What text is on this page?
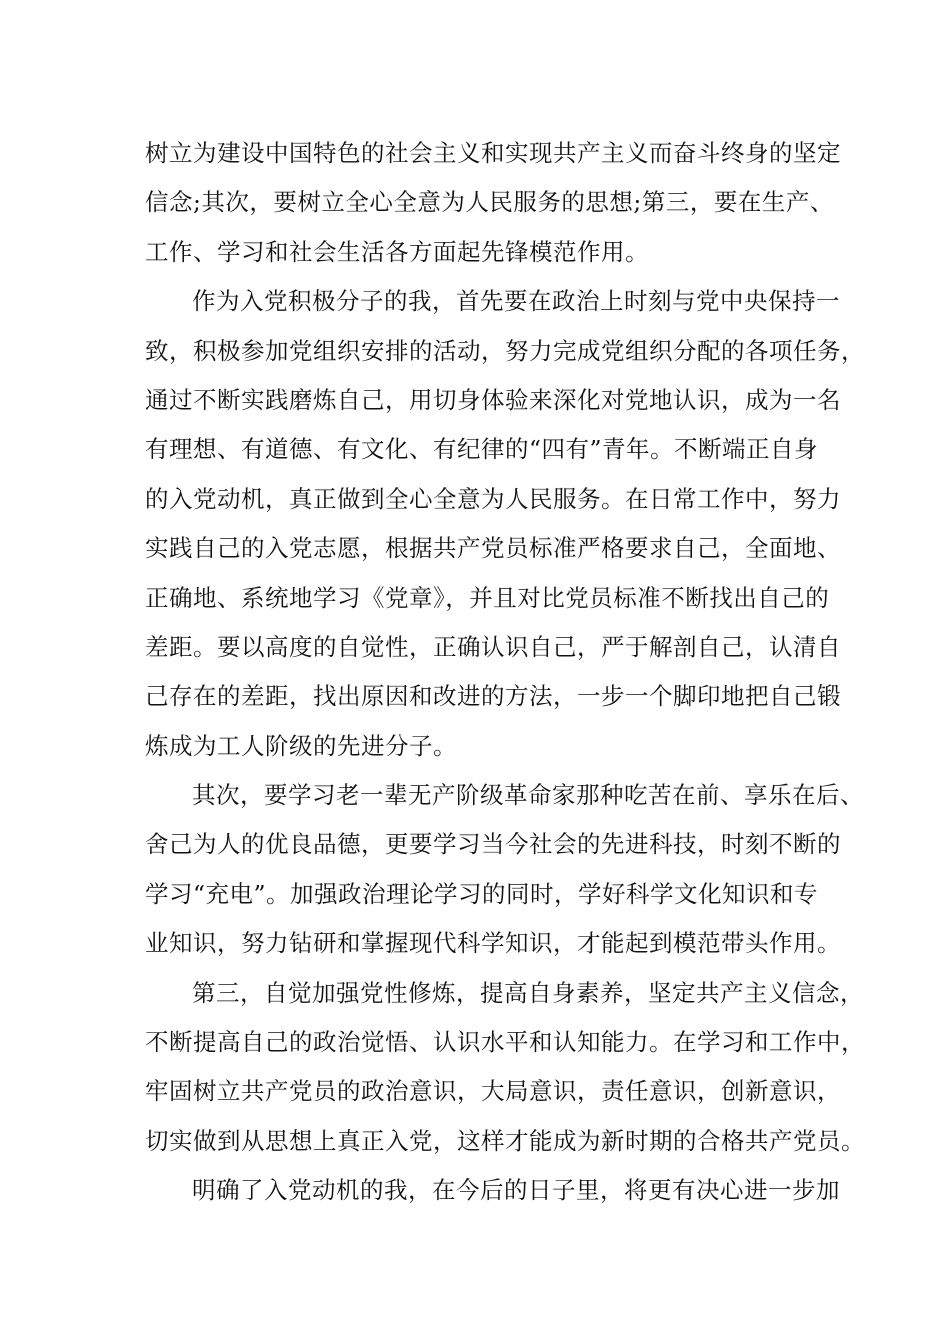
树立为建设中国特色的社会主义和实现共产主义而奋斗终身的坚定
信念;其次，要树立全心全意为人民服务的思想;第三，要在生产、
工作、学习和社会生活各方面起先锋模范作用。
作为入党积极分子的我，首先要在政治上时刻与党中央保持一
致，积极参加党组织安排的活动，努力完成党组织分配的各项任务，
通过不断实践磨炼自己，用切身体验来深化对党地认识，成为一名
有理想、有道德、有文化、有纪律的“四有”青年。不断端正自身
的入党动机，真正做到全心全意为人民服务。在日常工作中，努力
实践自己的入党志愿，根据共产党员标准严格要求自己，全面地、
正确地、系统地学习《党章》，并且对比党员标准不断找出自己的
差距。要以高度的自觉性，正确认识自己，严于解剖自己，认清自
己存在的差距，找出原因和改进的方法，一步一个脚印地把自己锻
炼成为工人阶级的先进分子。
其次，要学习老一辈无产阶级革命家那种吃苦在前、享乐在后、
舍己为人的优良品德，更要学习当今社会的先进科技，时刻不断的
学习“充电”。加强政治理论学习的同时，学好科学文化知识和专
业知识，努力钻研和掌握现代科学知识，才能起到模范带头作用。
第三，自觉加强党性修炼，提高自身素养，坚定共产主义信念，
不断提高自己的政治觉悟、认识水平和认知能力。在学习和工作中，
牢固树立共产党员的政治意识，大局意识，责任意识，创新意识，
切实做到从思想上真正入党，这样才能成为新时期的合格共产党员。
明确了入党动机的我，在今后的日子里，将更有决心进一步加
